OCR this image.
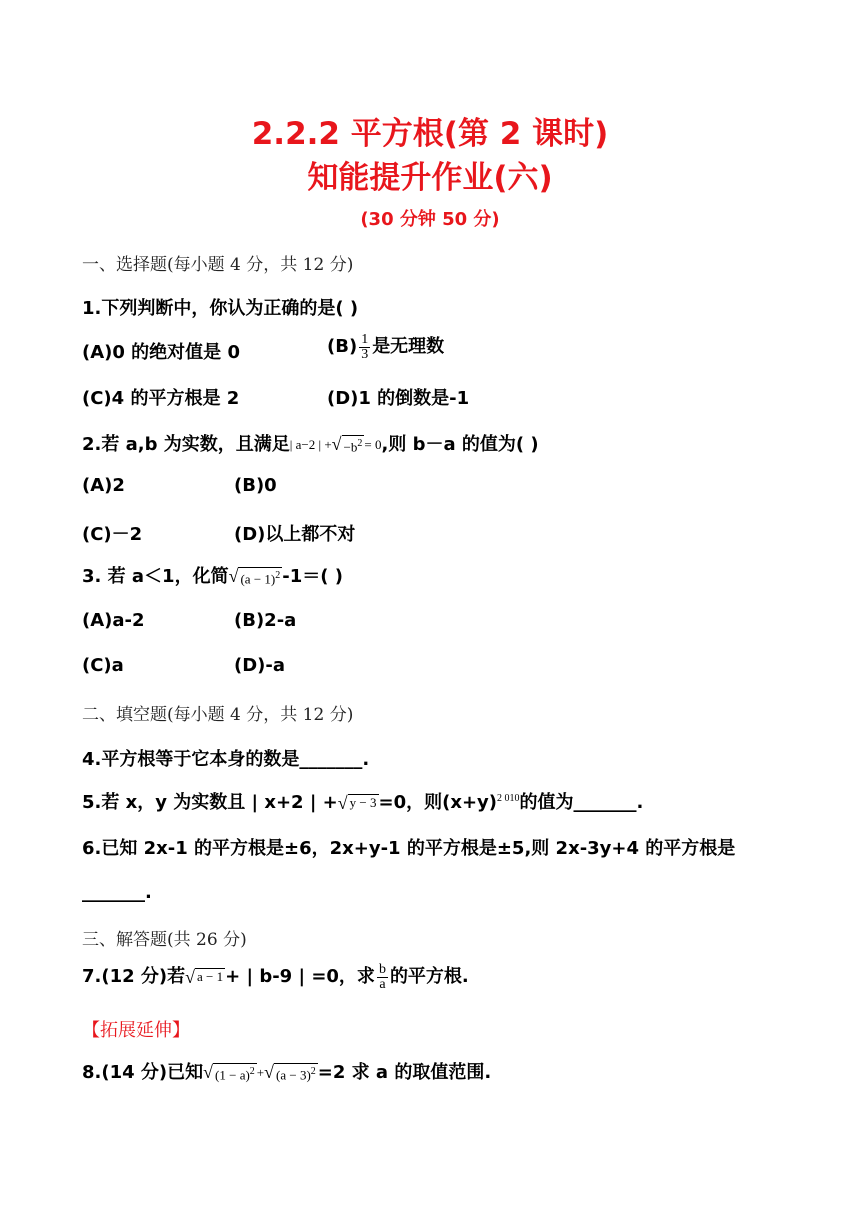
2.2.2 平方根(第 2 课时)
知能提升作业(六)
(30 分钟 50 分)
一、选择题(每小题 4 分，共 12 分)
1.下列判断中，你认为正确的是( )
(A)0 的绝对值是 0	$(B) \frac{1}{3}$ 是无理数
(C)4 的平方根是 2	(D)1 的倒数是-1
2.若 a,b 为实数，且满足| a−2 | + √ $-b^2 = 0$,则 b－a 的值为( )
(A)2	(B)0
(C)－2	(D)以上都不对
3. 若 a＜1，化简 √ $(a - 1)^2$ -1＝( )
(A)a-2	(B)2-a
(C)a	(D)-a
二、填空题(每小题 4 分，共 12 分)
4.平方根等于它本身的数是_______.
5.若 x，y 为实数且 | x+2 | + √ y − 3 =0，则$(x+y)^{2 010}$的值为_______.
6.已知 2x-1 的平方根是±6，2x+y-1 的平方根是±5,则 2x-3y+4 的平方根是
_______.
三、解答题(共 26 分)
7.(12 分)若 √ a − 1 + | b-9 | =0，求 $\frac{b}{a}$ 的平方根.
【拓展延伸】
8.(14 分)已知 √ $(1 - a)^2$ + √ $(a - 3)^2 =2$ 求 a 的取值范围.
